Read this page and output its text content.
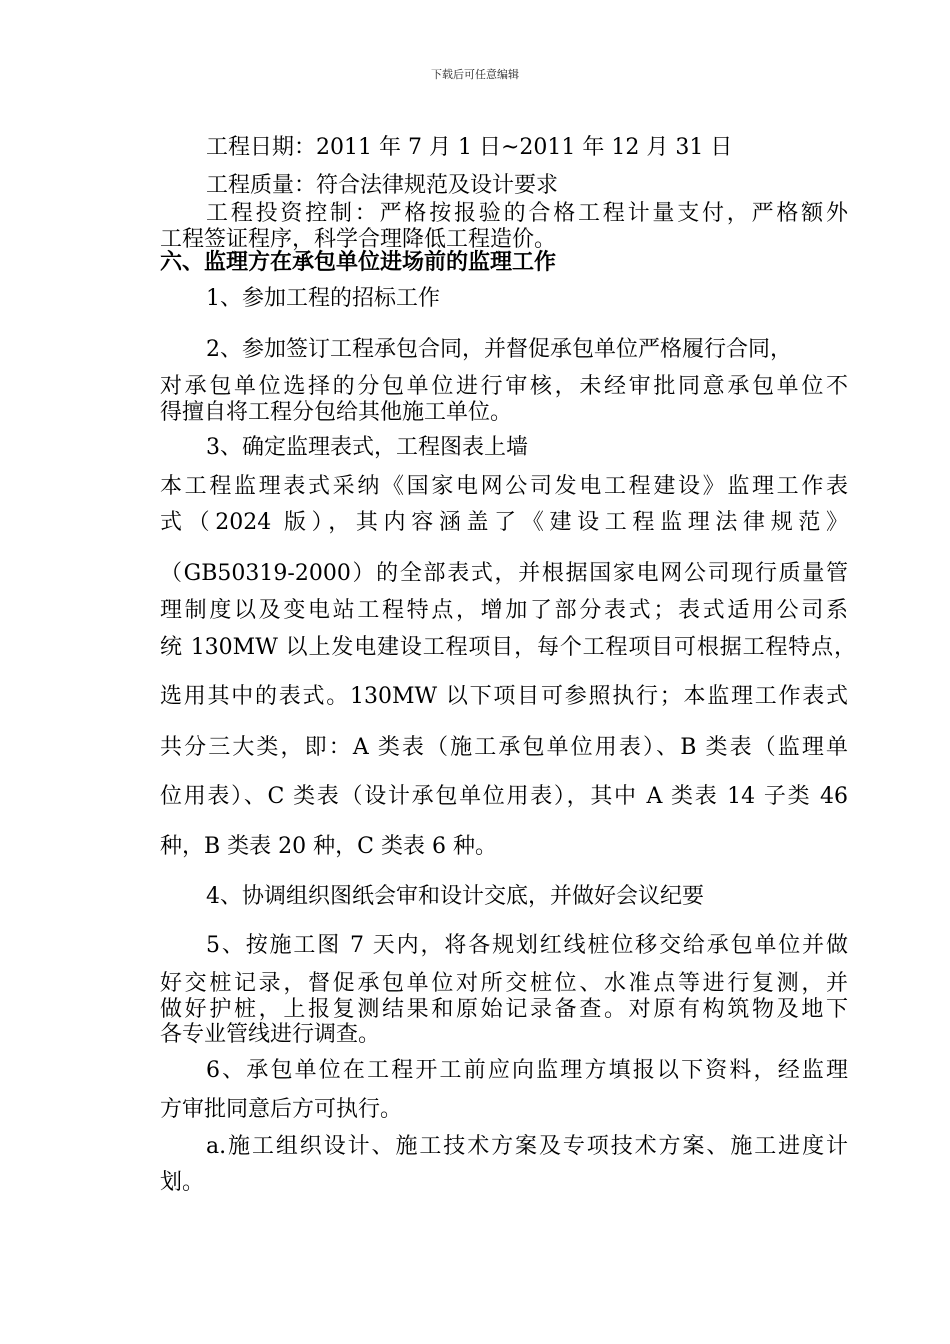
下载后可任意编辑
工程日期：2011 年 7 月 1 日~2011 年 12 月 31 日
工程质量：符合法律规范及设计要求
工程投资控制：严格按报验的合格工程计量支付，严格额外
工程签证程序，科学合理降低工程造价。
六、监理方在承包单位进场前的监理工作
1、参加工程的招标工作
2、参加签订工程承包合同，并督促承包单位严格履行合同，
对承包单位选择的分包单位进行审核，未经审批同意承包单位不
得擅自将工程分包给其他施工单位。
3、确定监理表式，工程图表上墙
本工程监理表式采纳《国家电网公司发电工程建设》监理工作表
式（2024 版），其内容涵盖了《建设工程监理法律规范》
（GB50319-2000）的全部表式，并根据国家电网公司现行质量管
理制度以及变电站工程特点，增加了部分表式；表式适用公司系
统 130MW 以上发电建设工程项目，每个工程项目可根据工程特点，
选用其中的表式。130MW 以下项目可参照执行；本监理工作表式
共分三大类，即：A 类表（施工承包单位用表）、B 类表（监理单
位用表）、C 类表（设计承包单位用表），其中 A 类表 14 子类 46
种，B 类表 20 种，C 类表 6 种。
4、协调组织图纸会审和设计交底，并做好会议纪要
5、按施工图 7 天内，将各规划红线桩位移交给承包单位并做
好交桩记录，督促承包单位对所交桩位、水准点等进行复测，并
做好护桩，上报复测结果和原始记录备查。对原有构筑物及地下
各专业管线进行调查。
6、承包单位在工程开工前应向监理方填报以下资料，经监理
方审批同意后方可执行。
a.施工组织设计、施工技术方案及专项技术方案、施工进度计
划。
